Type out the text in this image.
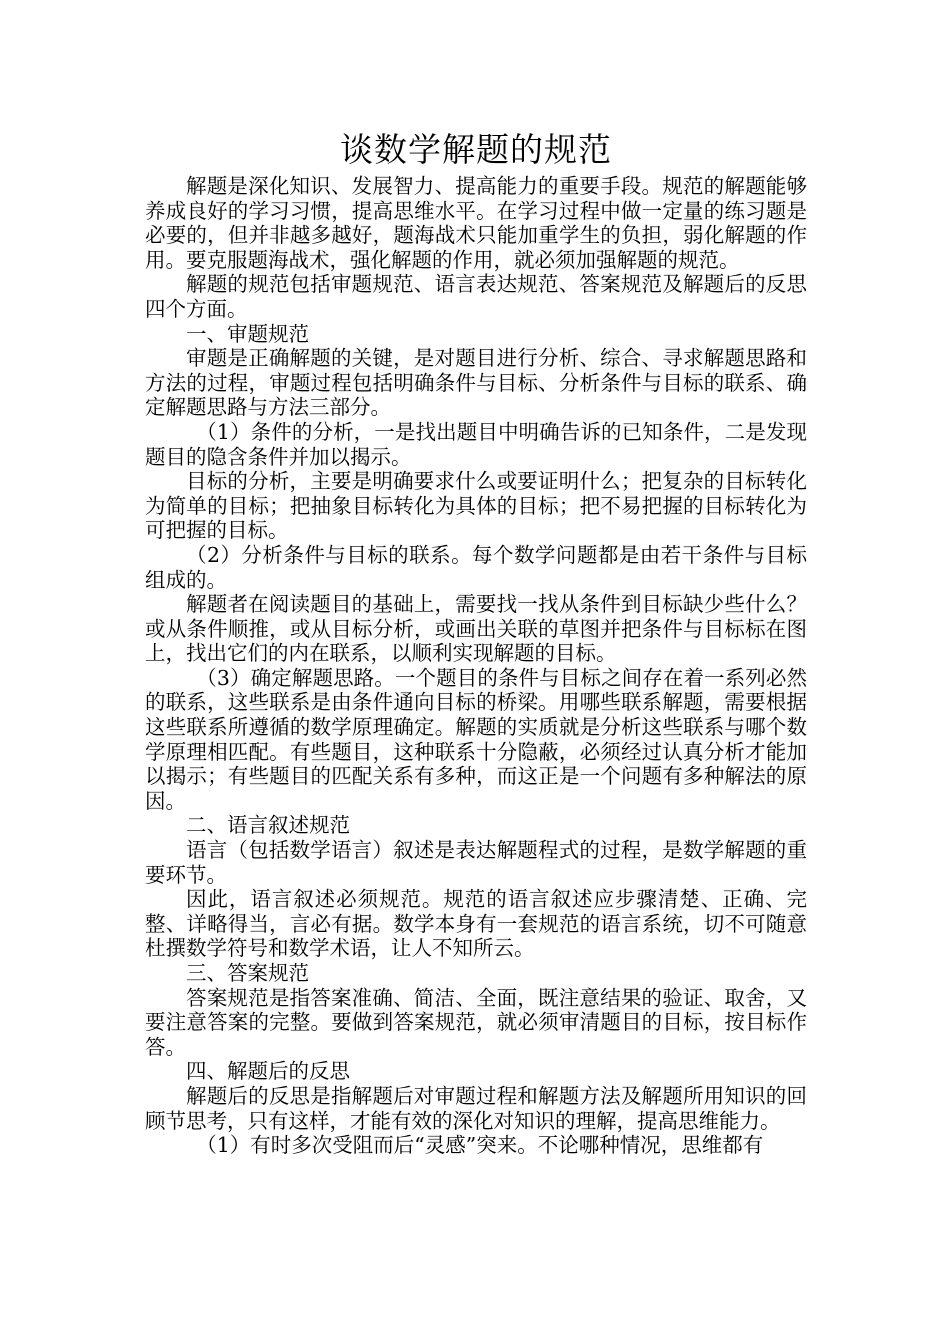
谈数学解题的规范

解题是深化知识、发展智力、提高能力的重要手段。规范的解题能够养成良好的学习习惯，提高思维水平。在学习过程中做一定量的练习题是必要的，但并非越多越好，题海战术只能加重学生的负担，弱化解题的作用。要克服题海战术，强化解题的作用，就必须加强解题的规范。

解题的规范包括审题规范、语言表达规范、答案规范及解题后的反思四个方面。

一、审题规范

审题是正确解题的关键，是对题目进行分析、综合、寻求解题思路和方法的过程，审题过程包括明确条件与目标、分析条件与目标的联系、确定解题思路与方法三部分。

（1）条件的分析，一是找出题目中明确告诉的已知条件，二是发现题目的隐含条件并加以揭示。

目标的分析，主要是明确要求什么或要证明什么；把复杂的目标转化为简单的目标；把抽象目标转化为具体的目标；把不易把握的目标转化为可把握的目标。

（2）分析条件与目标的联系。每个数学问题都是由若干条件与目标组成的。

解题者在阅读题目的基础上，需要找一找从条件到目标缺少些什么？或从条件顺推，或从目标分析，或画出关联的草图并把条件与目标标在图上，找出它们的内在联系，以顺利实现解题的目标。

（3）确定解题思路。一个题目的条件与目标之间存在着一系列必然的联系，这些联系是由条件通向目标的桥梁。用哪些联系解题，需要根据这些联系所遵循的数学原理确定。解题的实质就是分析这些联系与哪个数学原理相匹配。有些题目，这种联系十分隐蔽，必须经过认真分析才能加以揭示；有些题目的匹配关系有多种，而这正是一个问题有多种解法的原因。

二、语言叙述规范

语言（包括数学语言）叙述是表达解题程式的过程，是数学解题的重要环节。

因此，语言叙述必须规范。规范的语言叙述应步骤清楚、正确、完整、详略得当，言必有据。数学本身有一套规范的语言系统，切不可随意杜撰数学符号和数学术语，让人不知所云。

三、答案规范

答案规范是指答案准确、简洁、全面，既注意结果的验证、取舍，又要注意答案的完整。要做到答案规范，就必须审清题目的目标，按目标作答。

四、解题后的反思

解题后的反思是指解题后对审题过程和解题方法及解题所用知识的回顾节思考，只有这样，才能有效的深化对知识的理解，提高思维能力。

（1）有时多次受阻而后“灵感”突来。不论哪种情况，思维都有
